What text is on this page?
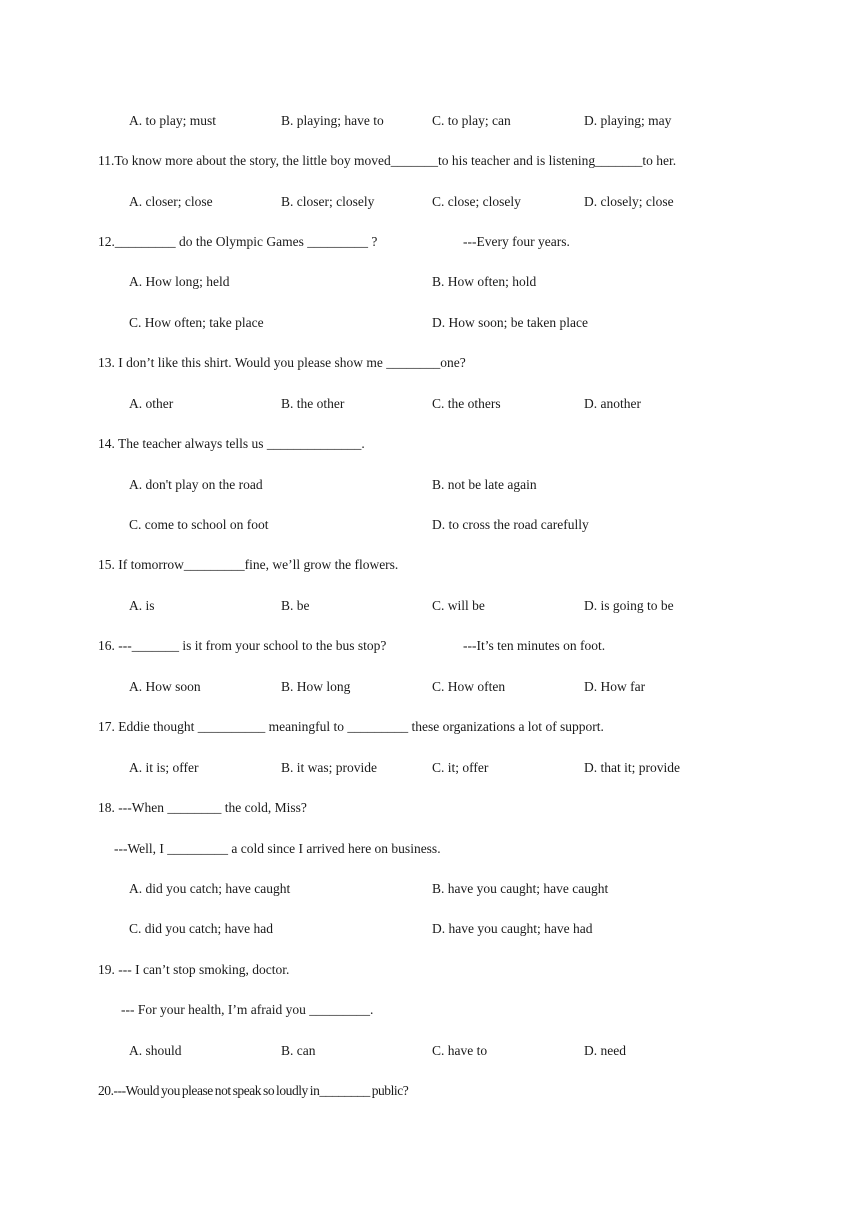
A. to play; must	B. playing; have to	C. to play; can	D. playing; may
11.To know more about the story, the little boy moved_______to his teacher and is listening_______to her.
A. closer; close	B. closer; closely	C. close; closely	D. closely; close
12._________ do the Olympic Games _________ ?	---Every four years.
A. How long; held	B. How often; hold
C. How often; take place	D. How soon; be taken place
13. I don’t like this shirt. Would you please show me ________one?
A. other	B. the other	C. the others	D. another
14. The teacher always tells us ______________.
A. don't play on the road	B. not be late again
C. come to school on foot	D. to cross the road carefully
15. If tomorrow_________fine, we’ll grow the flowers.
A. is	B. be	C. will be	D. is going to be
16. ---_______ is it from your school to the bus stop?	---It’s ten minutes on foot.
A. How soon	B. How long	C. How often	D. How far
17. Eddie thought __________ meaningful to _________ these organizations a lot of support.
A. it is; offer	B. it was; provide	C. it; offer	D. that it; provide
18. ---When ________ the cold, Miss?
---Well, I _________ a cold since I arrived here on business.
A. did you catch; have caught	B. have you caught; have caught
C. did you catch; have had	D. have you caught; have had
19. --- I can’t stop smoking, doctor.
--- For your health, I’m afraid you _________.
A. should	B. can	C. have to	D. need
20.---Would you please not speak so loudly in________ public?
